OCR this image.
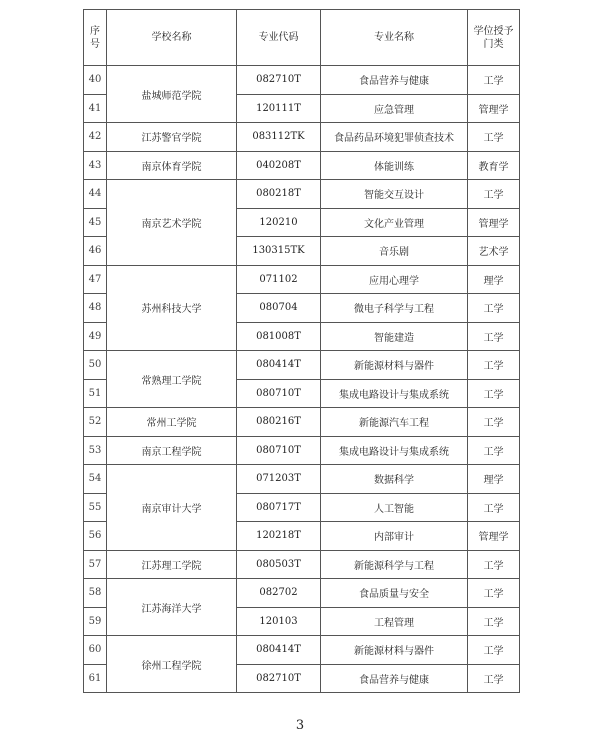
序号	学校名称	专业代码	专业名称	学位授予门类
40	盐城师范学院	082710T	食品营养与健康	工学
41		120111T	应急管理	管理学
42	江苏警官学院	083112TK	食品药品环境犯罪侦查技术	工学
43	南京体育学院	040208T	体能训练	教育学
44	南京艺术学院	080218T	智能交互设计	工学
45		120210	文化产业管理	管理学
46		130315TK	音乐剧	艺术学
47	苏州科技大学	071102	应用心理学	理学
48		080704	微电子科学与工程	工学
49		081008T	智能建造	工学
50	常熟理工学院	080414T	新能源材料与器件	工学
51		080710T	集成电路设计与集成系统	工学
52	常州工学院	080216T	新能源汽车工程	工学
53	南京工程学院	080710T	集成电路设计与集成系统	工学
54	南京审计大学	071203T	数据科学	理学
55		080717T	人工智能	工学
56		120218T	内部审计	管理学
57	江苏理工学院	080503T	新能源科学与工程	工学
58	江苏海洋大学	082702	食品质量与安全	工学
59		120103	工程管理	工学
60	徐州工程学院	080414T	新能源材料与器件	工学
61		082710T	食品营养与健康	工学
3
